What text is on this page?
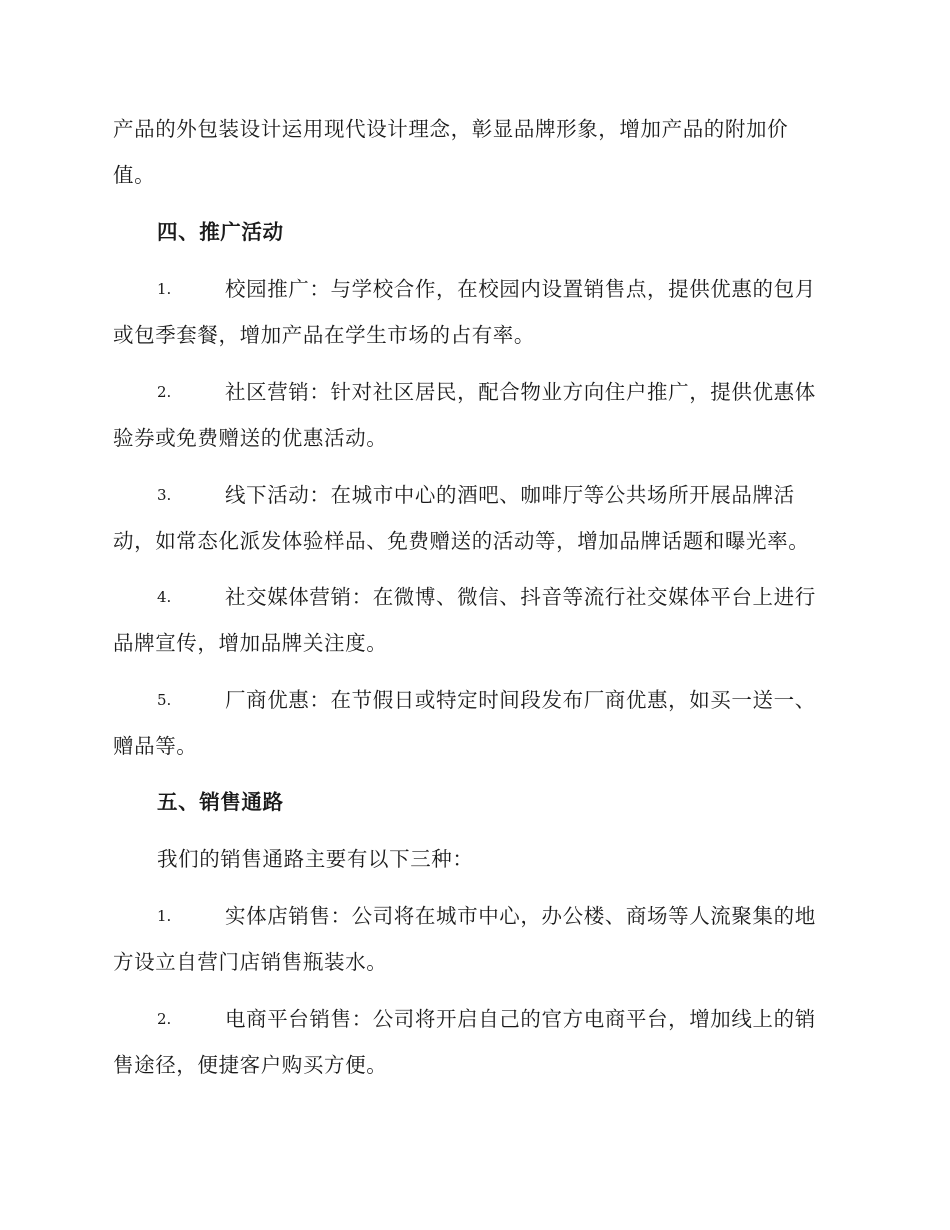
产品的外包装设计运用现代设计理念，彰显品牌形象，增加产品的附加价
值。
四、推广活动
1.	校园推广：与学校合作，在校园内设置销售点，提供优惠的包月
或包季套餐，增加产品在学生市场的占有率。
2.	社区营销：针对社区居民，配合物业方向住户推广，提供优惠体
验券或免费赠送的优惠活动。
3.	线下活动：在城市中心的酒吧、咖啡厅等公共场所开展品牌活
动，如常态化派发体验样品、免费赠送的活动等，增加品牌话题和曝光率。
4.	社交媒体营销：在微博、微信、抖音等流行社交媒体平台上进行
品牌宣传，增加品牌关注度。
5.	厂商优惠：在节假日或特定时间段发布厂商优惠，如买一送一、
赠品等。
五、销售通路
我们的销售通路主要有以下三种：
1.	实体店销售：公司将在城市中心，办公楼、商场等人流聚集的地
方设立自营门店销售瓶装水。
2.	电商平台销售：公司将开启自己的官方电商平台，增加线上的销
售途径，便捷客户购买方便。
